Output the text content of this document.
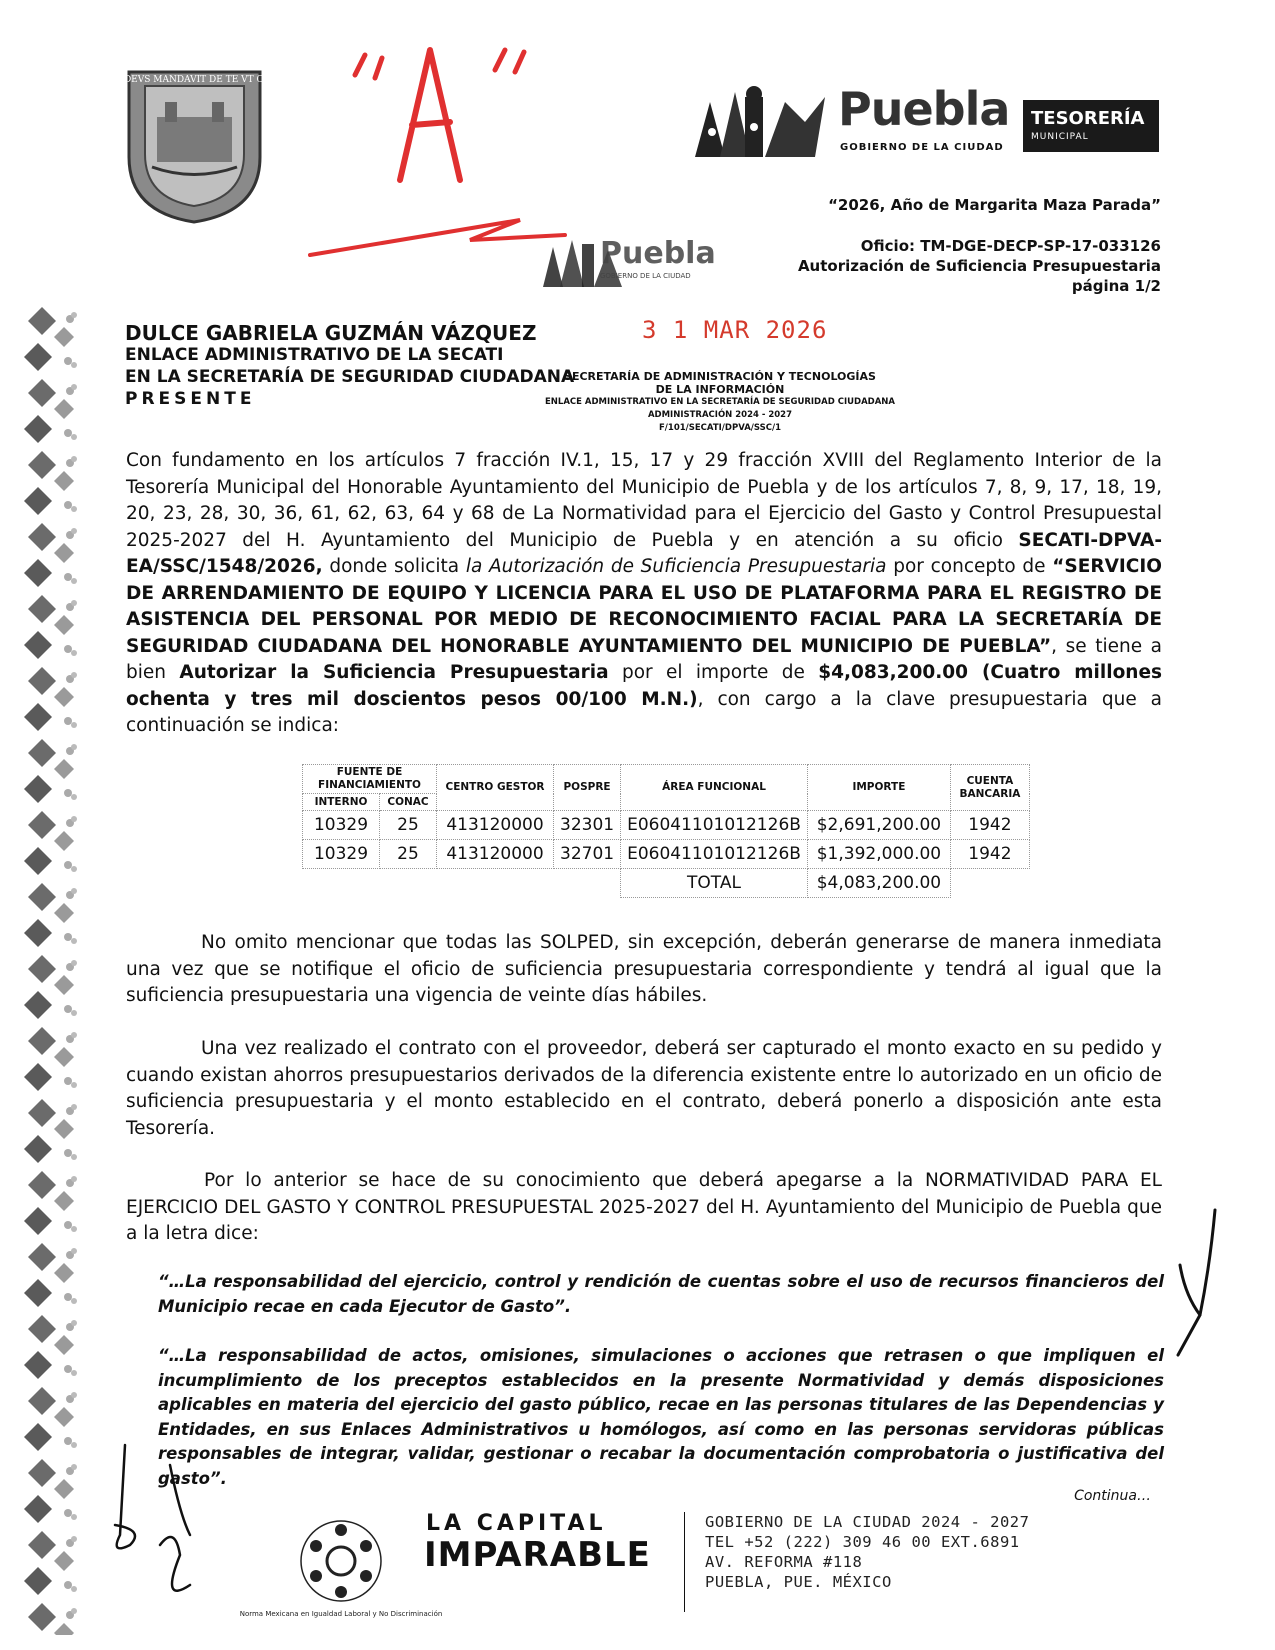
ANGELIS SVIS DEVS MANDAVIT DE TE VT CVSTODIANT TE
Puebla
GOBIERNO DE LA CIUDAD
TESORERÍA
MUNICIPAL
“2026, Año de Margarita Maza Parada”
Oficio: TM-DGE-DECP-SP-17-033126
Autorización de Suficiencia Presupuestaria
página 1/2
Puebla
GOBIERNO DE LA CIUDAD
DULCE GABRIELA GUZMÁN VÁZQUEZ
ENLACE ADMINISTRATIVO DE LA SECATI
EN LA SECRETARÍA DE SEGURIDAD CIUDADANA
PRESENTE
3 1 MAR 2026
SECRETARÍA DE ADMINISTRACIÓN Y TECNOLOGÍAS
DE LA INFORMACIÓN
ENLACE ADMINISTRATIVO EN LA SECRETARÍA DE SEGURIDAD CIUDADANA
ADMINISTRACIÓN 2024 - 2027
F/101/SECATI/DPVA/SSC/1
Con fundamento en los artículos 7 fracción IV.1, 15, 17 y 29 fracción XVIII del Reglamento Interior de la Tesorería Municipal del Honorable Ayuntamiento del Municipio de Puebla y de los artículos 7, 8, 9, 17, 18, 19, 20, 23, 28, 30, 36, 61, 62, 63, 64 y 68 de La Normatividad para el Ejercicio del Gasto y Control Presupuestal 2025-2027 del H. Ayuntamiento del Municipio de Puebla y en atención a su oficio SECATI-DPVA-EA/SSC/1548/2026, donde solicita la Autorización de Suficiencia Presupuestaria por concepto de “SERVICIO DE ARRENDAMIENTO DE EQUIPO Y LICENCIA PARA EL USO DE PLATAFORMA PARA EL REGISTRO DE ASISTENCIA DEL PERSONAL POR MEDIO DE RECONOCIMIENTO FACIAL PARA LA SECRETARÍA DE SEGURIDAD CIUDADANA DEL HONORABLE AYUNTAMIENTO DEL MUNICIPIO DE PUEBLA”, se tiene a bien Autorizar la Suficiencia Presupuestaria por el importe de $4,083,200.00 (Cuatro millones ochenta y tres mil doscientos pesos 00/100 M.N.), con cargo a la clave presupuestaria que a continuación se indica:
FUENTE DE FINANCIAMIENTO		CENTRO GESTOR	POSPRE	ÁREA FUNCIONAL	IMPORTE	CUENTA BANCARIA
INTERNO	CONAC					
10329	25	413120000	32301	E06041101012126B	$2,691,200.00	1942
10329	25	413120000	32701	E06041101012126B	$1,392,000.00	1942
				TOTAL	$4,083,200.00	
No omito mencionar que todas las SOLPED, sin excepción, deberán generarse de manera inmediata una vez que se notifique el oficio de suficiencia presupuestaria correspondiente y tendrá al igual que la suficiencia presupuestaria una vigencia de veinte días hábiles.
Una vez realizado el contrato con el proveedor, deberá ser capturado el monto exacto en su pedido y cuando existan ahorros presupuestarios derivados de la diferencia existente entre lo autorizado en un oficio de suficiencia presupuestaria y el monto establecido en el contrato, deberá ponerlo a disposición ante esta Tesorería.
Por lo anterior se hace de su conocimiento que deberá apegarse a la NORMATIVIDAD PARA EL EJERCICIO DEL GASTO Y CONTROL PRESUPUESTAL 2025-2027 del H. Ayuntamiento del Municipio de Puebla que a la letra dice:
“…La responsabilidad del ejercicio, control y rendición de cuentas sobre el uso de recursos financieros del Municipio recae en cada Ejecutor de Gasto”.
“…La responsabilidad de actos, omisiones, simulaciones o acciones que retrasen o que impliquen el incumplimiento de los preceptos establecidos en la presente Normatividad y demás disposiciones aplicables en materia del ejercicio del gasto público, recae en las personas titulares de las Dependencias y Entidades, en sus Enlaces Administrativos u homólogos, así como en las personas servidoras públicas responsables de integrar, validar, gestionar o recabar la documentación comprobatoria o justificativa del gasto”.
Continua…
Norma Mexicana en Igualdad Laboral y No Discriminación
LA CAPITAL
IMPARABLE
GOBIERNO DE LA CIUDAD 2024 - 2027
TEL +52 (222) 309 46 00 EXT.6891
AV. REFORMA #118
PUEBLA, PUE. MÉXICO
